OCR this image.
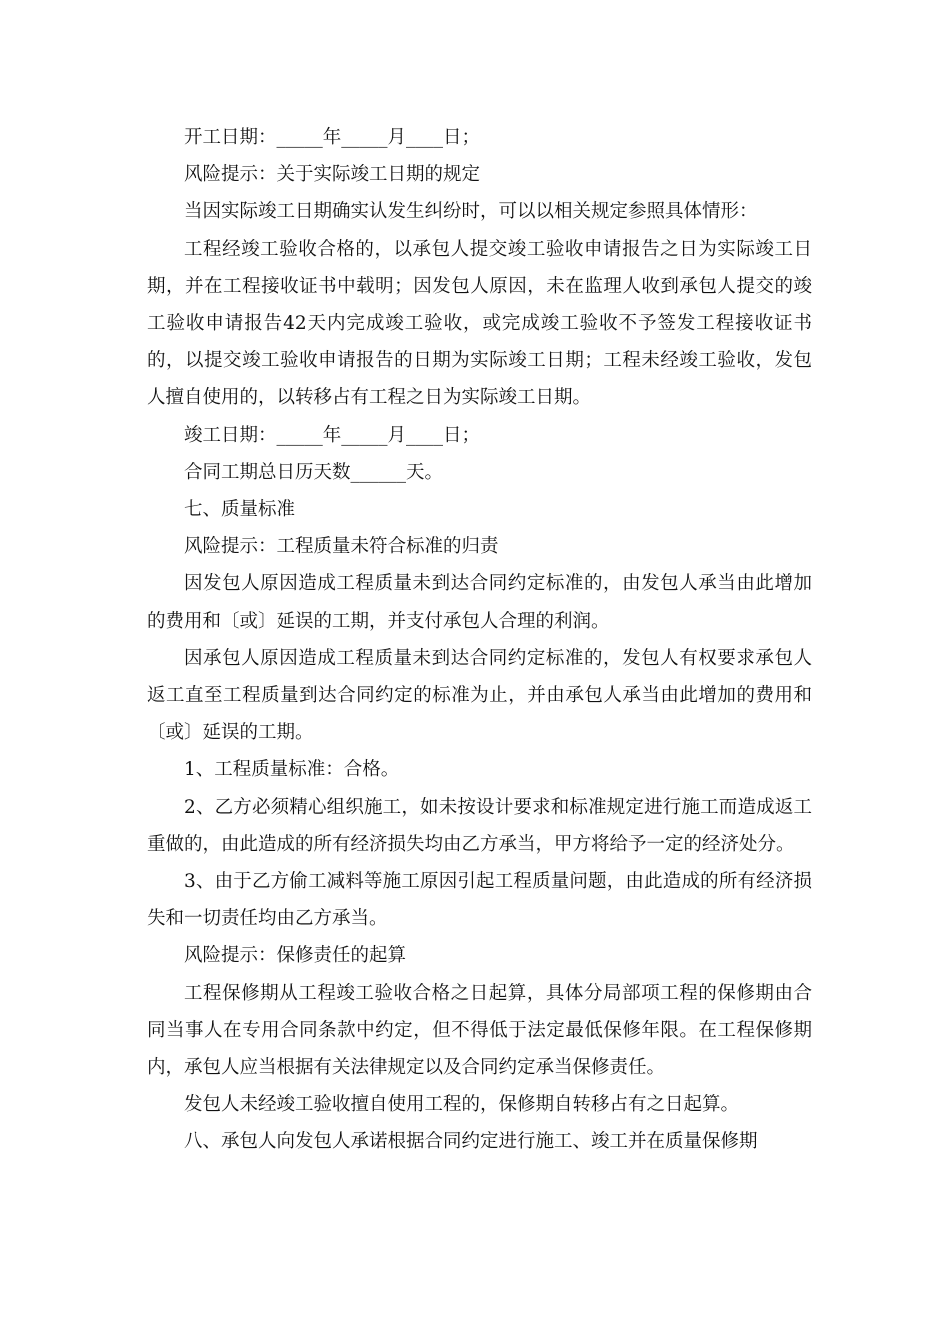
开工日期：_____年_____月____日；

风险提示：关于实际竣工日期的规定

当因实际竣工日期确实认发生纠纷时，可以以相关规定参照具体情形：

工程经竣工验收合格的，以承包人提交竣工验收申请报告之日为实际竣工日期，并在工程接收证书中载明；因发包人原因，未在监理人收到承包人提交的竣工验收申请报告42天内完成竣工验收，或完成竣工验收不予签发工程接收证书的，以提交竣工验收申请报告的日期为实际竣工日期；工程未经竣工验收，发包人擅自使用的，以转移占有工程之日为实际竣工日期。

竣工日期：_____年_____月____日；

合同工期总日历天数______天。

七、质量标准

风险提示：工程质量未符合标准的归责

因发包人原因造成工程质量未到达合同约定标准的，由发包人承当由此增加的费用和〔或〕延误的工期，并支付承包人合理的利润。

因承包人原因造成工程质量未到达合同约定标准的，发包人有权要求承包人返工直至工程质量到达合同约定的标准为止，并由承包人承当由此增加的费用和〔或〕延误的工期。

1、工程质量标准：合格。

2、乙方必须精心组织施工，如未按设计要求和标准规定进行施工而造成返工重做的，由此造成的所有经济损失均由乙方承当，甲方将给予一定的经济处分。

3、由于乙方偷工减料等施工原因引起工程质量问题，由此造成的所有经济损失和一切责任均由乙方承当。

风险提示：保修责任的起算

工程保修期从工程竣工验收合格之日起算，具体分局部项工程的保修期由合同当事人在专用合同条款中约定，但不得低于法定最低保修年限。在工程保修期内，承包人应当根据有关法律规定以及合同约定承当保修责任。

发包人未经竣工验收擅自使用工程的，保修期自转移占有之日起算。

八、承包人向发包人承诺根据合同约定进行施工、竣工并在质量保修期
